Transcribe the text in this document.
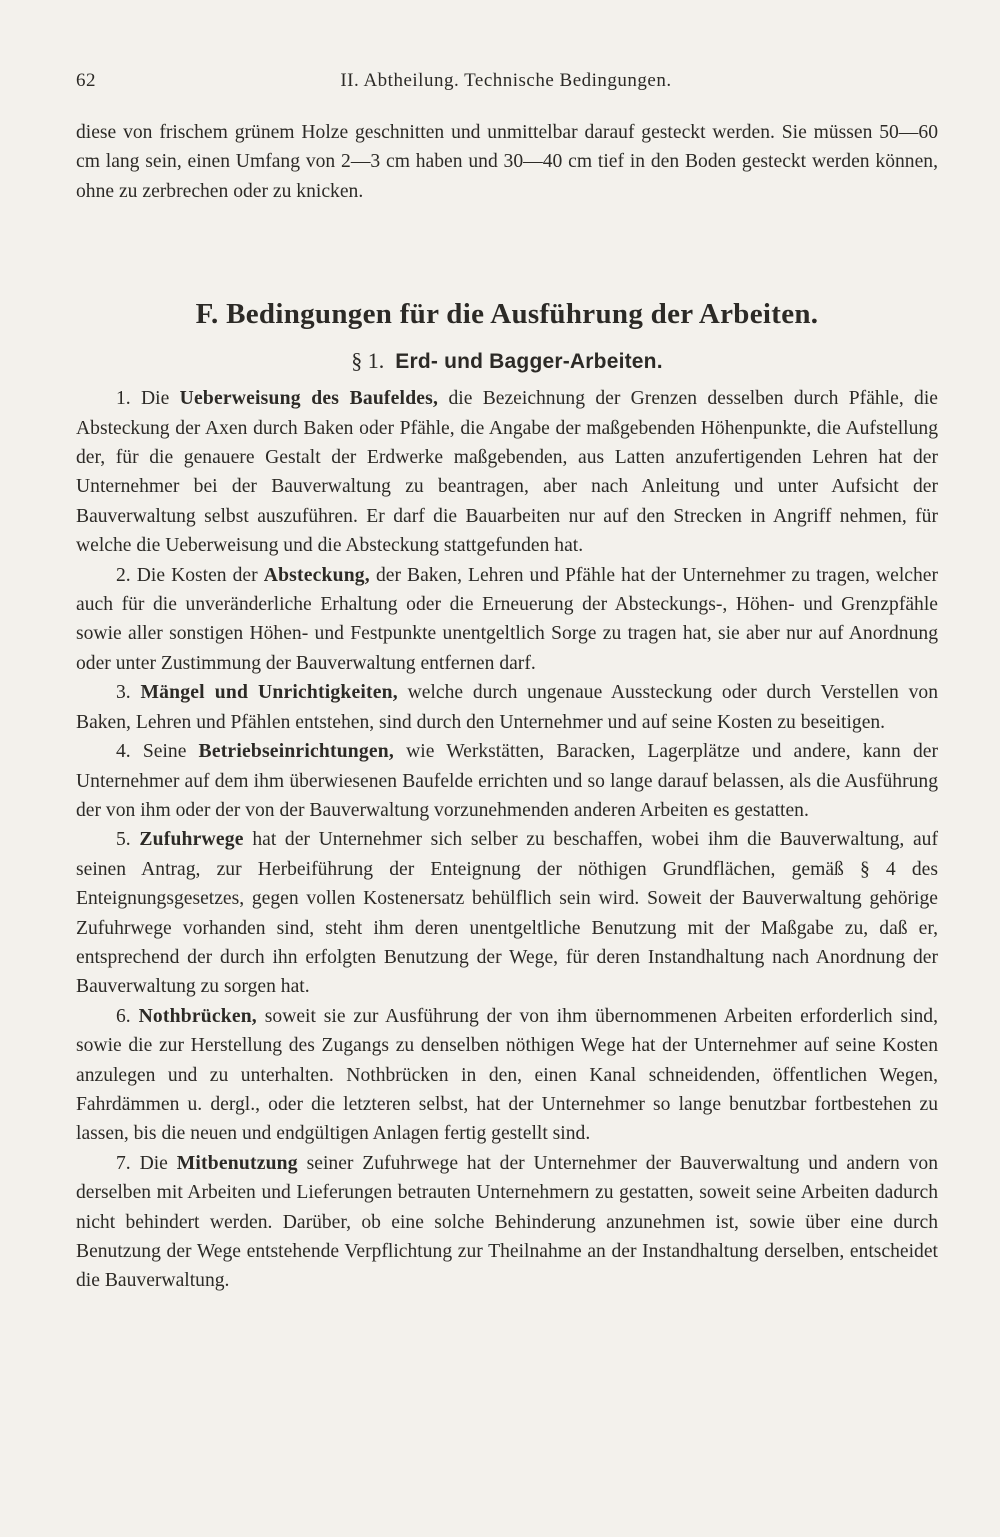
62	II. Abtheilung. Technische Bedingungen.

diese von frischem grünem Holze geschnitten und unmittelbar darauf gesteckt werden. Sie müssen 50—60 cm lang sein, einen Umfang von 2—3 cm haben und 30—40 cm tief in den Boden gesteckt werden können, ohne zu zerbrechen oder zu knicken.

F. Bedingungen für die Ausführung der Arbeiten.
§ 1. Erd- und Bagger-Arbeiten.

1. Die Ueberweisung des Baufeldes, die Bezeichnung der Grenzen desselben durch Pfähle, die Absteckung der Axen durch Baken oder Pfähle, die Angabe der maßgebenden Höhenpunkte, die Aufstellung der, für die genauere Gestalt der Erdwerke maßgebenden, aus Latten anzufertigenden Lehren hat der Unternehmer bei der Bauverwaltung zu beantragen, aber nach Anleitung und unter Aufsicht der Bauverwaltung selbst auszuführen. Er darf die Bauarbeiten nur auf den Strecken in Angriff nehmen, für welche die Ueberweisung und die Absteckung stattgefunden hat.

2. Die Kosten der Absteckung, der Baken, Lehren und Pfähle hat der Unternehmer zu tragen, welcher auch für die unveränderliche Erhaltung oder die Erneuerung der Absteckungs-, Höhen- und Grenzpfähle sowie aller sonstigen Höhen- und Festpunkte unentgeltlich Sorge zu tragen hat, sie aber nur auf Anordnung oder unter Zustimmung der Bauverwaltung entfernen darf.

3. Mängel und Unrichtigkeiten, welche durch ungenaue Aussteckung oder durch Verstellen von Baken, Lehren und Pfählen entstehen, sind durch den Unternehmer und auf seine Kosten zu beseitigen.

4. Seine Betriebseinrichtungen, wie Werkstätten, Baracken, Lagerplätze und andere, kann der Unternehmer auf dem ihm überwiesenen Baufelde errichten und so lange darauf belassen, als die Ausführung der von ihm oder der von der Bauverwaltung vorzunehmenden anderen Arbeiten es gestatten.

5. Zufuhrwege hat der Unternehmer sich selber zu beschaffen, wobei ihm die Bauverwaltung, auf seinen Antrag, zur Herbeiführung der Enteignung der nöthigen Grundflächen, gemäß § 4 des Enteignungsgesetzes, gegen vollen Kostenersatz behülflich sein wird. Soweit der Bauverwaltung gehörige Zufuhrwege vorhanden sind, steht ihm deren unentgeltliche Benutzung mit der Maßgabe zu, daß er, entsprechend der durch ihn erfolgten Benutzung der Wege, für deren Instandhaltung nach Anordnung der Bauverwaltung zu sorgen hat.

6. Nothbrücken, soweit sie zur Ausführung der von ihm übernommenen Arbeiten erforderlich sind, sowie die zur Herstellung des Zugangs zu denselben nöthigen Wege hat der Unternehmer auf seine Kosten anzulegen und zu unterhalten. Nothbrücken in den, einen Kanal schneidenden, öffentlichen Wegen, Fahrdämmen u. dergl., oder die letzteren selbst, hat der Unternehmer so lange benutzbar fortbestehen zu lassen, bis die neuen und endgültigen Anlagen fertig gestellt sind.

7. Die Mitbenutzung seiner Zufuhrwege hat der Unternehmer der Bauverwaltung und andern von derselben mit Arbeiten und Lieferungen betrauten Unternehmern zu gestatten, soweit seine Arbeiten dadurch nicht behindert werden. Darüber, ob eine solche Behinderung anzunehmen ist, sowie über eine durch Benutzung der Wege entstehende Verpflichtung zur Theilnahme an der Instandhaltung derselben, entscheidet die Bauverwaltung.
